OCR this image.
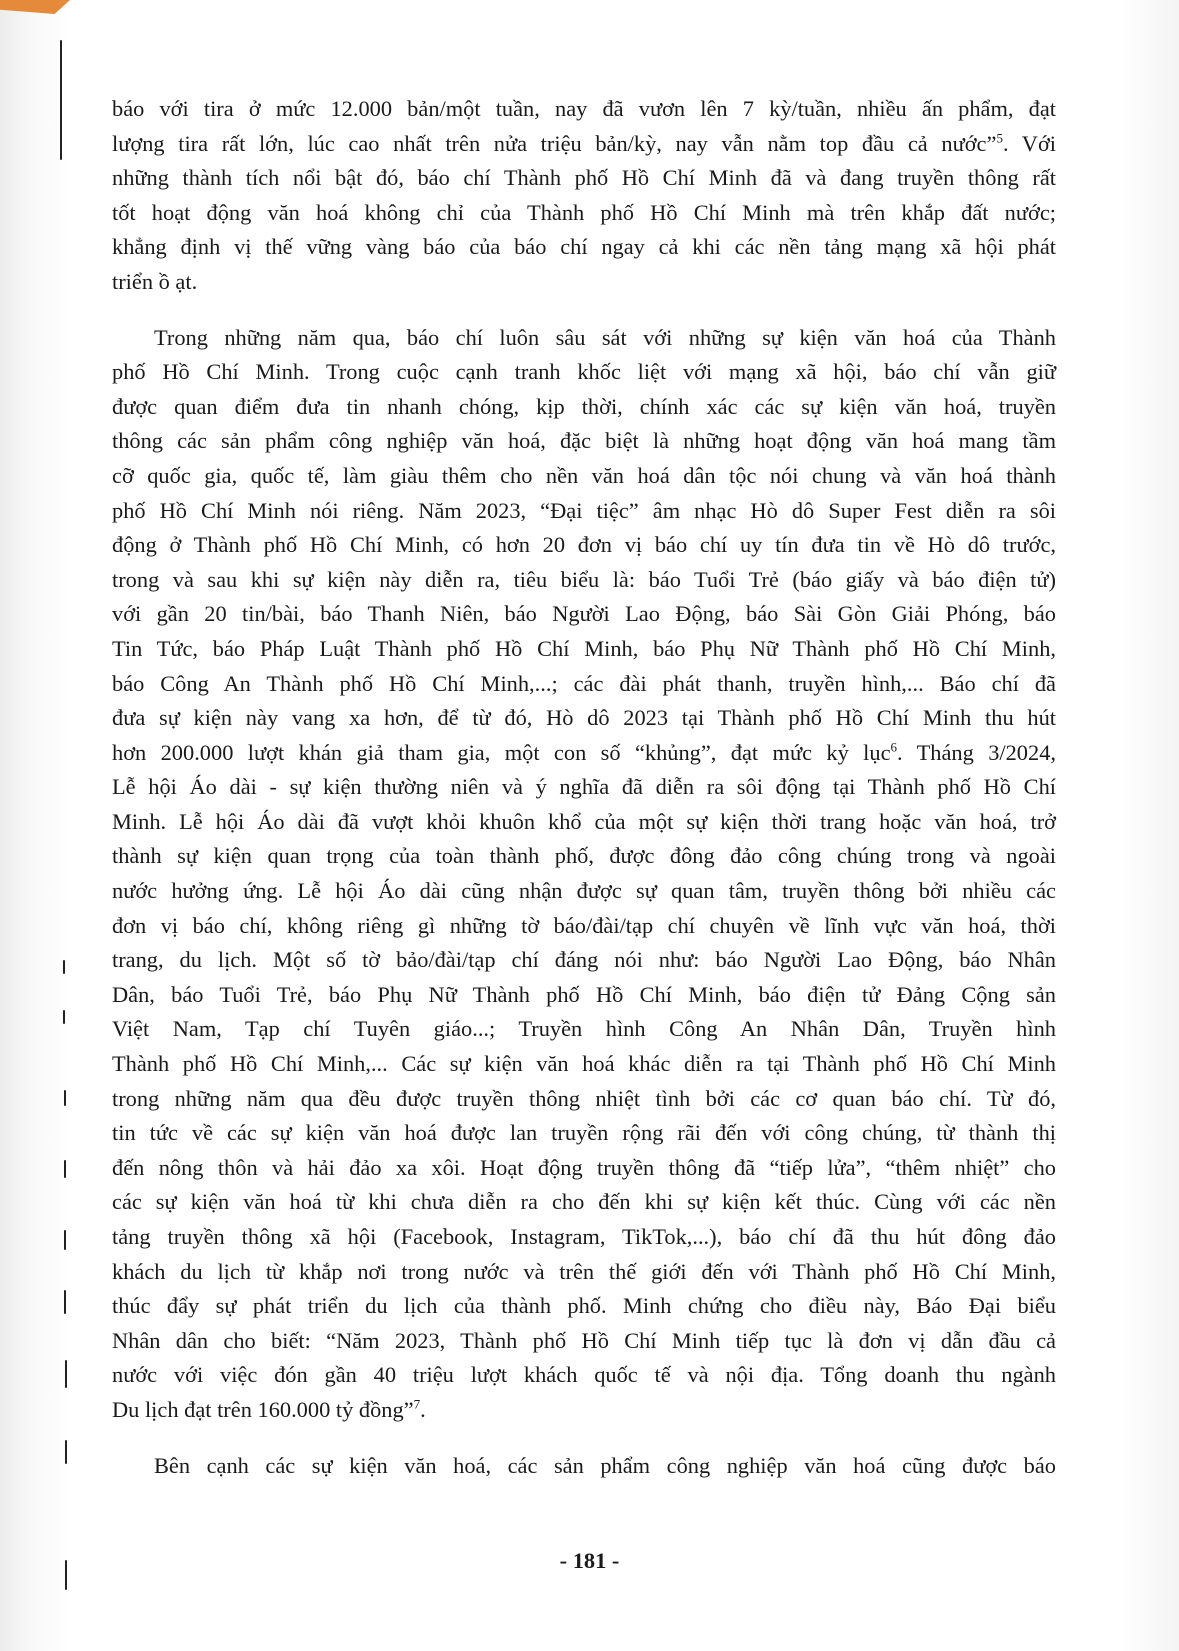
báo với tira ở mức 12.000 bản/một tuần, nay đã vươn lên 7 kỳ/tuần, nhiều ấn phẩm, đạt
lượng tira rất lớn, lúc cao nhất trên nửa triệu bản/kỳ, nay vẫn nằm top đầu cả nước”$^5$. Với
những thành tích nổi bật đó, báo chí Thành phố Hồ Chí Minh đã và đang truyền thông rất
tốt hoạt động văn hoá không chỉ của Thành phố Hồ Chí Minh mà trên khắp đất nước;
khẳng định vị thế vững vàng báo của báo chí ngay cả khi các nền tảng mạng xã hội phát
triển ồ ạt.
Trong những năm qua, báo chí luôn sâu sát với những sự kiện văn hoá của Thành
phố Hồ Chí Minh. Trong cuộc cạnh tranh khốc liệt với mạng xã hội, báo chí vẫn giữ
được quan điểm đưa tin nhanh chóng, kịp thời, chính xác các sự kiện văn hoá, truyền
thông các sản phẩm công nghiệp văn hoá, đặc biệt là những hoạt động văn hoá mang tầm
cỡ quốc gia, quốc tế, làm giàu thêm cho nền văn hoá dân tộc nói chung và văn hoá thành
phố Hồ Chí Minh nói riêng. Năm 2023, “Đại tiệc” âm nhạc Hò dô Super Fest diễn ra sôi
động ở Thành phố Hồ Chí Minh, có hơn 20 đơn vị báo chí uy tín đưa tin về Hò dô trước,
trong và sau khi sự kiện này diễn ra, tiêu biểu là: báo Tuổi Trẻ (báo giấy và báo điện tử)
với gần 20 tin/bài, báo Thanh Niên, báo Người Lao Động, báo Sài Gòn Giải Phóng, báo
Tin Tức, báo Pháp Luật Thành phố Hồ Chí Minh, báo Phụ Nữ Thành phố Hồ Chí Minh,
báo Công An Thành phố Hồ Chí Minh,...; các đài phát thanh, truyền hình,... Báo chí đã
đưa sự kiện này vang xa hơn, để từ đó, Hò dô 2023 tại Thành phố Hồ Chí Minh thu hút
hơn 200.000 lượt khán giả tham gia, một con số “khủng”, đạt mức kỷ lục$^6$. Tháng 3/2024,
Lễ hội Áo dài - sự kiện thường niên và ý nghĩa đã diễn ra sôi động tại Thành phố Hồ Chí
Minh. Lễ hội Áo dài đã vượt khỏi khuôn khổ của một sự kiện thời trang hoặc văn hoá, trở
thành sự kiện quan trọng của toàn thành phố, được đông đảo công chúng trong và ngoài
nước hưởng ứng. Lễ hội Áo dài cũng nhận được sự quan tâm, truyền thông bởi nhiều các
đơn vị báo chí, không riêng gì những tờ báo/đài/tạp chí chuyên về lĩnh vực văn hoá, thời
trang, du lịch. Một số tờ bảo/đài/tạp chí đáng nói như: báo Người Lao Động, báo Nhân
Dân, báo Tuổi Trẻ, báo Phụ Nữ Thành phố Hồ Chí Minh, báo điện tử Đảng Cộng sản
Việt Nam, Tạp chí Tuyên giáo...; Truyền hình Công An Nhân Dân, Truyền hình
Thành phố Hồ Chí Minh,... Các sự kiện văn hoá khác diễn ra tại Thành phố Hồ Chí Minh
trong những năm qua đều được truyền thông nhiệt tình bởi các cơ quan báo chí. Từ đó,
tin tức về các sự kiện văn hoá được lan truyền rộng rãi đến với công chúng, từ thành thị
đến nông thôn và hải đảo xa xôi. Hoạt động truyền thông đã “tiếp lửa”, “thêm nhiệt” cho
các sự kiện văn hoá từ khi chưa diễn ra cho đến khi sự kiện kết thúc. Cùng với các nền
tảng truyền thông xã hội (Facebook, Instagram, TikTok,...), báo chí đã thu hút đông đảo
khách du lịch từ khắp nơi trong nước và trên thế giới đến với Thành phố Hồ Chí Minh,
thúc đẩy sự phát triển du lịch của thành phố. Minh chứng cho điều này, Báo Đại biểu
Nhân dân cho biết: “Năm 2023, Thành phố Hồ Chí Minh tiếp tục là đơn vị dẫn đầu cả
nước với việc đón gần 40 triệu lượt khách quốc tế và nội địa. Tổng doanh thu ngành
Du lịch đạt trên 160.000 tỷ đồng”$^7$.
Bên cạnh các sự kiện văn hoá, các sản phẩm công nghiệp văn hoá cũng được báo
- 181 -
